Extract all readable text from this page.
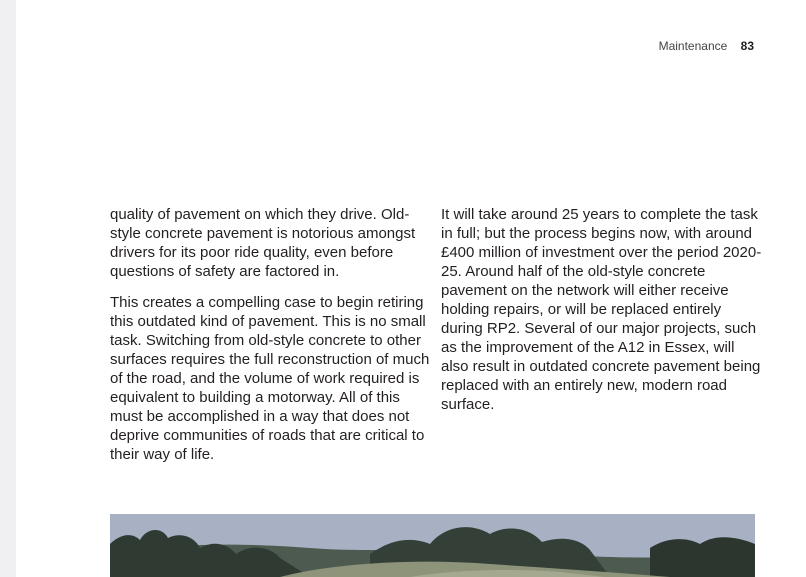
Maintenance 83

quality of pavement on which they drive. Old-style concrete pavement is notorious amongst drivers for its poor ride quality, even before questions of safety are factored in.

This creates a compelling case to begin retiring this outdated kind of pavement. This is no small task. Switching from old-style concrete to other surfaces requires the full reconstruction of much of the road, and the volume of work required is equivalent to building a motorway. All of this must be accomplished in a way that does not deprive communities of roads that are critical to their way of life.

It will take around 25 years to complete the task in full; but the process begins now, with around £400 million of investment over the period 2020-25. Around half of the old-style concrete pavement on the network will either receive holding repairs, or will be replaced entirely during RP2. Several of our major projects, such as the improvement of the A12 in Essex, will also result in outdated concrete pavement being replaced with an entirely new, modern road surface.
